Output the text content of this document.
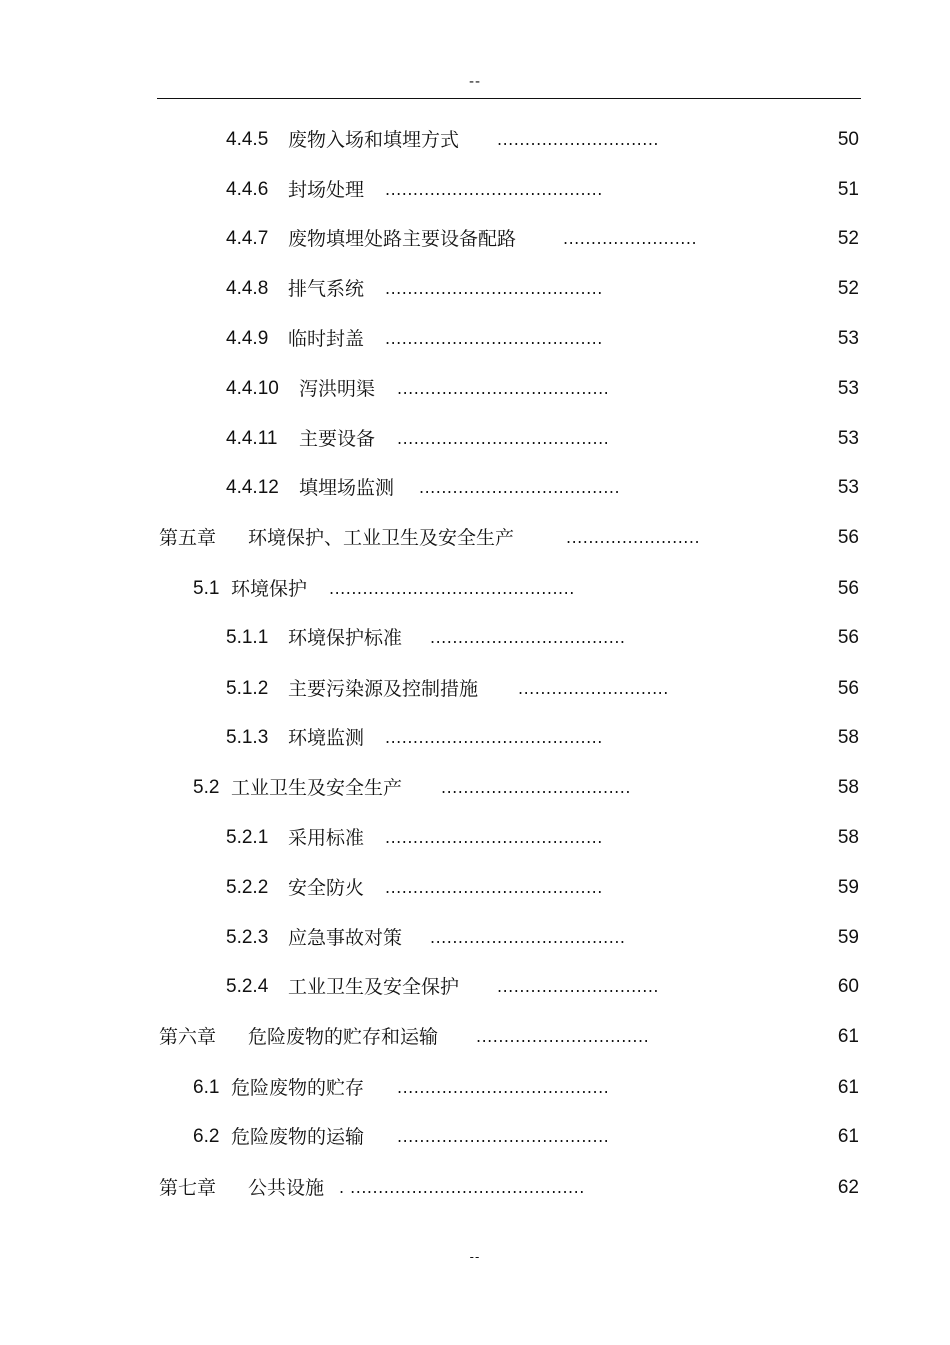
--
4.4.5 废物入场和填埋方式 .............................	50
4.4.6 封场处理 .......................................	51
4.4.7 废物填埋处路主要设备配路	........................	52
4.4.8 排气系统 .......................................	52
4.4.9 临时封盖 .......................................	53
4.4.10 泻洪明渠 ......................................	53
4.4.11 主要设备 ......................................	53
4.4.12 填埋场监测 ....................................	53
第五章 环境保护、工业卫生及安全生产	........................	56
5.1 环境保护 ............................................	56
5.1.1 环境保护标准 ...................................	56
5.1.2 主要污染源及控制措施 ...........................	56
5.1.3 环境监测 .......................................	58
5.2 工业卫生及安全生产 ..................................	58
5.2.1 采用标准 .......................................	58
5.2.2 安全防火 .......................................	59
5.2.3 应急事故对策 ...................................	59
5.2.4 工业卫生及安全保护 .............................	60
第六章 危险废物的贮存和运输 ...............................	61
6.1 危险废物的贮存 ......................................	61
6.2 危险废物的运输 ......................................	61
第七章 公共设施 . ..........................................	62
--
